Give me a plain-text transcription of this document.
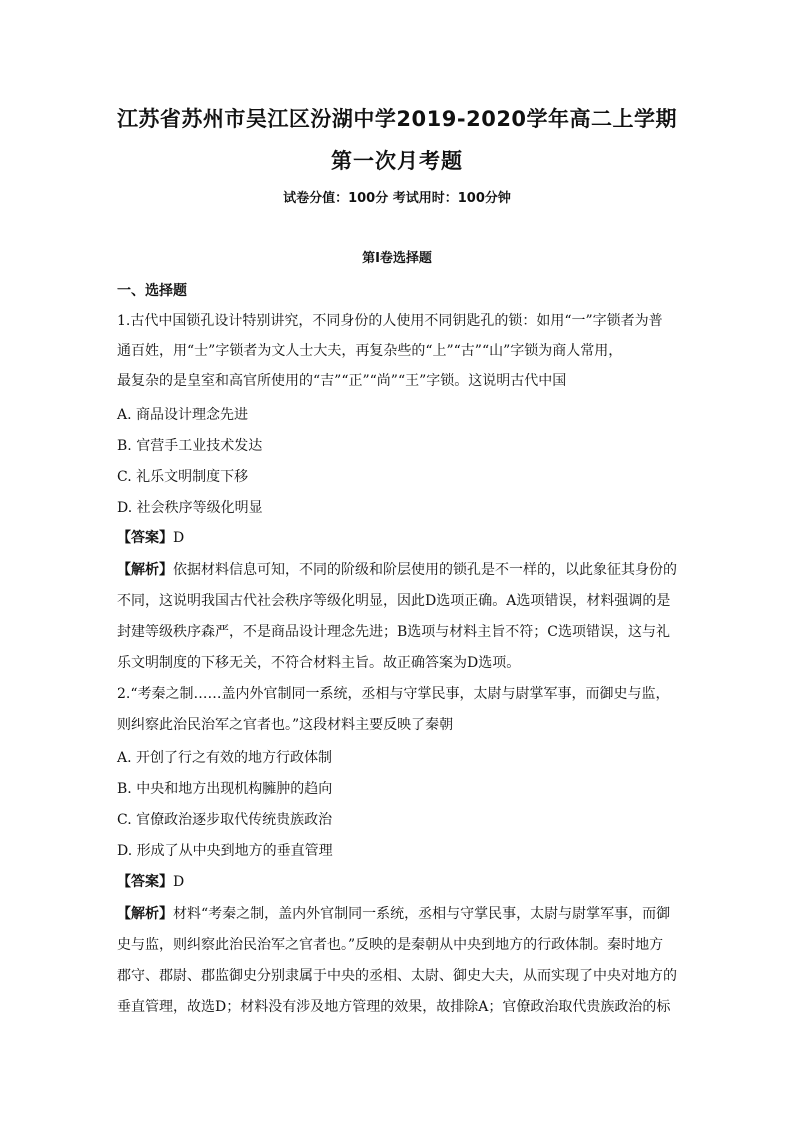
江苏省苏州市吴江区汾湖中学2019-2020学年高二上学期
第一次月考题
试卷分值：100分 考试用时：100分钟
第Ⅰ卷选择题
一、选择题
1.古代中国锁孔设计特别讲究，不同身份的人使用不同钥匙孔的锁：如用“一”字锁者为普
通百姓，用“士”字锁者为文人士大夫，再复杂些的“上”“古”“山”字锁为商人常用，
最复杂的是皇室和高官所使用的“吉”“正”“尚”“王”字锁。这说明古代中国
A. 商品设计理念先进
B. 官营手工业技术发达
C. 礼乐文明制度下移
D. 社会秩序等级化明显
【答案】D
【解析】依据材料信息可知，不同的阶级和阶层使用的锁孔是不一样的，以此象征其身份的
不同，这说明我国古代社会秩序等级化明显，因此D选项正确。A选项错误，材料强调的是
封建等级秩序森严，不是商品设计理念先进；B选项与材料主旨不符；C选项错误，这与礼
乐文明制度的下移无关，不符合材料主旨。故正确答案为D选项。
2.“考秦之制……盖内外官制同一系统，丞相与守掌民事，太尉与尉掌军事，而御史与监，
则纠察此治民治军之官者也。”这段材料主要反映了秦朝
A. 开创了行之有效的地方行政体制
B. 中央和地方出现机构臃肿的趋向
C. 官僚政治逐步取代传统贵族政治
D. 形成了从中央到地方的垂直管理
【答案】D
【解析】材料“考秦之制，盖内外官制同一系统，丞相与守掌民事，太尉与尉掌军事，而御
史与监，则纠察此治民治军之官者也。”反映的是秦朝从中央到地方的行政体制。秦时地方
郡守、郡尉、郡监御史分别隶属于中央的丞相、太尉、御史大夫，从而实现了中央对地方的
垂直管理，故选D；材料没有涉及地方管理的效果，故排除A；官僚政治取代贵族政治的标
